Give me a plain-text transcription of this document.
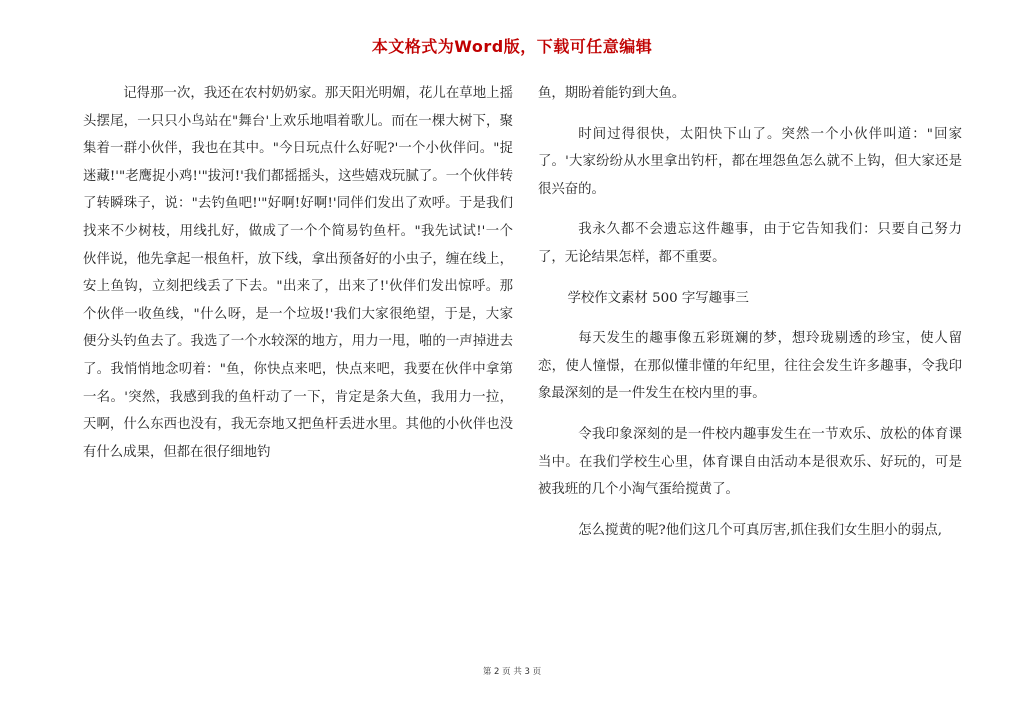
本文格式为Word版，下载可任意编辑

记得那一次，我还在农村奶奶家。那天阳光明媚，花儿在草地上摇头摆尾，一只只小鸟站在"舞台'上欢乐地唱着歌儿。而在一棵大树下，聚集着一群小伙伴，我也在其中。"今日玩点什么好呢?'一个小伙伴问。"捉迷藏!'"老鹰捉小鸡!'"拔河!'我们都摇摇头，这些嬉戏玩腻了。一个伙伴转了转瞬珠子，说："去钓鱼吧!'"好啊!好啊!'同伴们发出了欢呼。于是我们找来不少树枝，用线扎好，做成了一个个简易钓鱼杆。"我先试试!'一个伙伴说，他先拿起一根鱼杆，放下线，拿出预备好的小虫子，缠在线上，安上鱼钩，立刻把线丢了下去。"出来了，出来了!'伙伴们发出惊呼。那个伙伴一收鱼线，"什么呀，是一个垃圾!'我们大家很绝望，于是，大家便分头钓鱼去了。我选了一个水较深的地方，用力一甩，啪的一声掉进去了。我悄悄地念叨着："鱼，你快点来吧，快点来吧，我要在伙伴中拿第一名。'突然，我感到我的鱼杆动了一下，肯定是条大鱼，我用力一拉，天啊，什么东西也没有，我无奈地又把鱼杆丢进水里。其他的小伙伴也没有什么成果，但都在很仔细地钓

鱼，期盼着能钓到大鱼。

时间过得很快，太阳快下山了。突然一个小伙伴叫道："回家了。'大家纷纷从水里拿出钓杆，都在埋怨鱼怎么就不上钩，但大家还是很兴奋的。

我永久都不会遗忘这件趣事，由于它告知我们：只要自己努力了，无论结果怎样，都不重要。

学校作文素材 500 字写趣事三

每天发生的趣事像五彩斑斓的梦，想玲珑剔透的珍宝，使人留恋，使人憧憬，在那似懂非懂的年纪里，往往会发生许多趣事，令我印象最深刻的是一件发生在校内里的事。

令我印象深刻的是一件校内趣事发生在一节欢乐、放松的体育课当中。在我们学校生心里，体育课自由活动本是很欢乐、好玩的，可是被我班的几个小淘气蛋给搅黄了。

怎么搅黄的呢?他们这几个可真厉害,抓住我们女生胆小的弱点,

第 2 页 共 3 页
